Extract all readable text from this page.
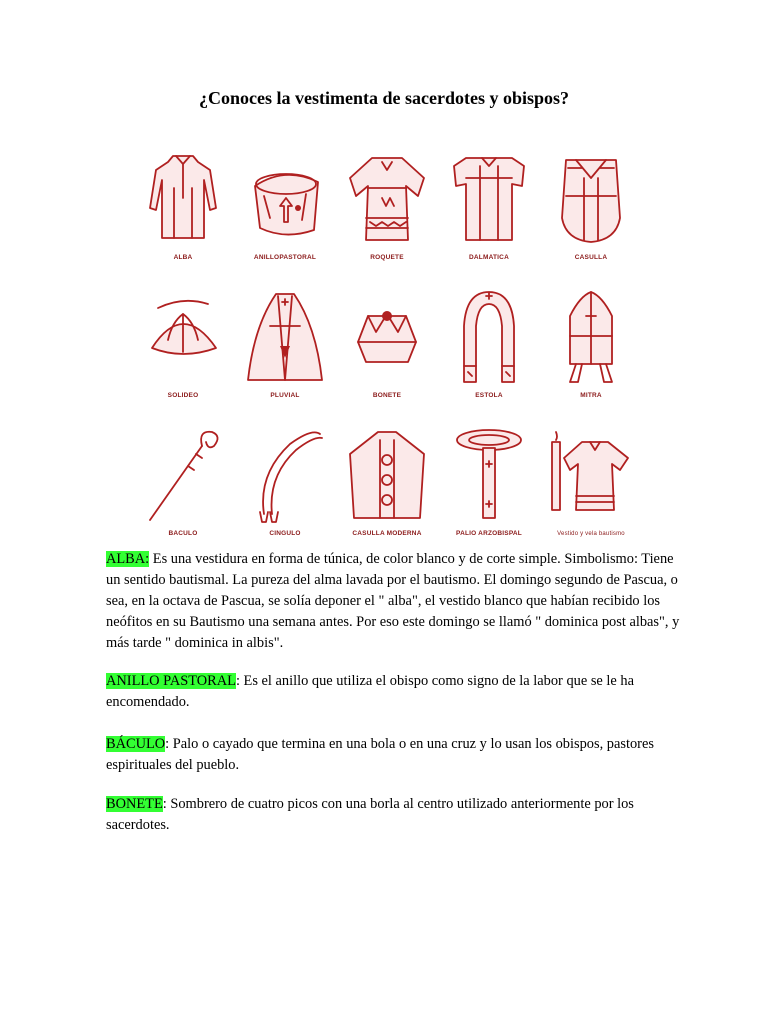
¿Conoces la vestimenta de sacerdotes y obispos?
ALBA	ANILLOPASTORAL	ROQUETE	DALMATICA	CASULLA
SOLIDEO	PLUVIAL	BONETE	ESTOLA	MITRA
BACULO	CINGULO	CASULLA MODERNA	PALIO ARZOBISPAL	Vestido y vela bautismo
ALBA: Es una vestidura en forma de túnica, de color blanco y de corte simple. Simbolismo: Tiene un sentido bautismal. La pureza del alma lavada por el bautismo. El domingo segundo de Pascua, o sea, en la octava de Pascua, se solía deponer el " alba", el vestido blanco que habían recibido los neófitos en su Bautismo una semana antes. Por eso este domingo se llamó " dominica post albas", y más tarde " dominica in albis".
ANILLO PASTORAL: Es el anillo que utiliza el obispo como signo de la labor que se le ha encomendado.
BÁCULO: Palo o cayado que termina en una bola o en una cruz y lo usan los obispos, pastores espirituales del pueblo.
BONETE: Sombrero de cuatro picos con una borla al centro utilizado anteriormente por los sacerdotes.
